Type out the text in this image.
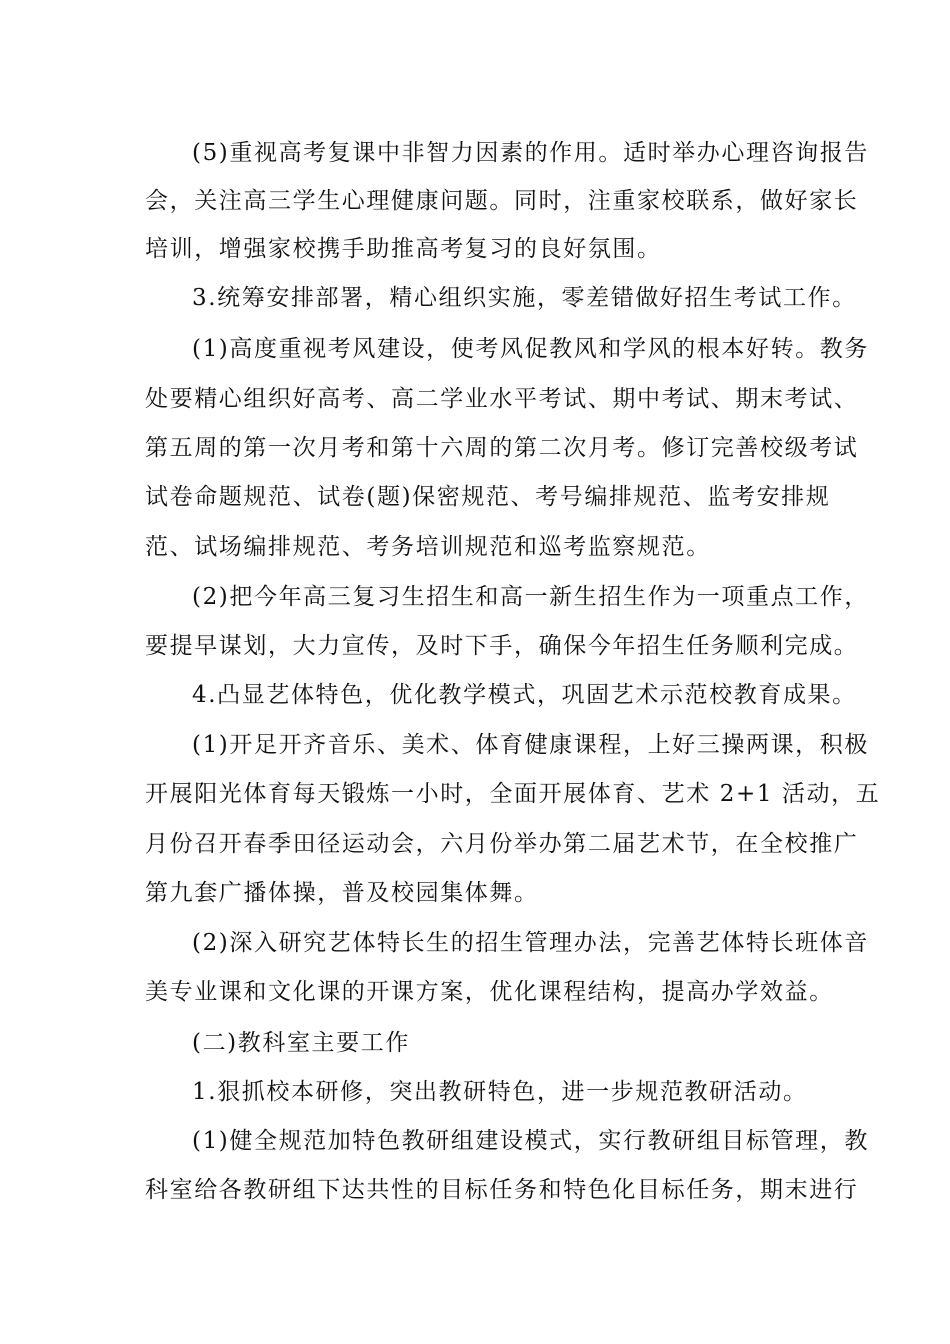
(5)重视高考复课中非智力因素的作用。适时举办心理咨询报告
会，关注高三学生心理健康问题。同时，注重家校联系，做好家长
培训，增强家校携手助推高考复习的良好氛围。
3.统筹安排部署，精心组织实施，零差错做好招生考试工作。
(1)高度重视考风建设，使考风促教风和学风的根本好转。教务
处要精心组织好高考、高二学业水平考试、期中考试、期末考试、
第五周的第一次月考和第十六周的第二次月考。修订完善校级考试
试卷命题规范、试卷(题)保密规范、考号编排规范、监考安排规
范、试场编排规范、考务培训规范和巡考监察规范。
(2)把今年高三复习生招生和高一新生招生作为一项重点工作，
要提早谋划，大力宣传，及时下手，确保今年招生任务顺利完成。
4.凸显艺体特色，优化教学模式，巩固艺术示范校教育成果。
(1)开足开齐音乐、美术、体育健康课程，上好三操两课，积极
开展阳光体育每天锻炼一小时，全面开展体育、艺术 2+1 活动，五
月份召开春季田径运动会，六月份举办第二届艺术节，在全校推广
第九套广播体操，普及校园集体舞。
(2)深入研究艺体特长生的招生管理办法，完善艺体特长班体音
美专业课和文化课的开课方案，优化课程结构，提高办学效益。
(二)教科室主要工作
1.狠抓校本研修，突出教研特色，进一步规范教研活动。
(1)健全规范加特色教研组建设模式，实行教研组目标管理，教
科室给各教研组下达共性的目标任务和特色化目标任务，期末进行
